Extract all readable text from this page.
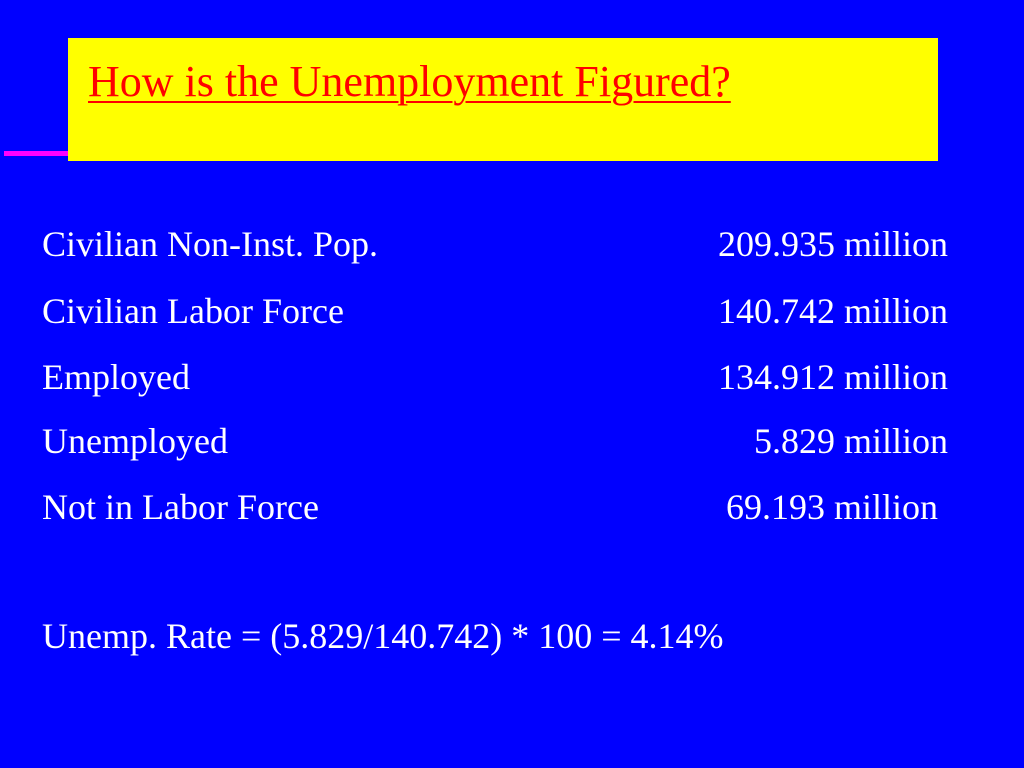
How is the Unemployment Figured?
Civilian Non-Inst. Pop.	209.935 million
Civilian Labor Force	140.742 million
Employed	134.912 million
Unemployed	5.829 million
Not in Labor Force	69.193 million
Unemp. Rate = (5.829/140.742) * 100 = 4.14%
